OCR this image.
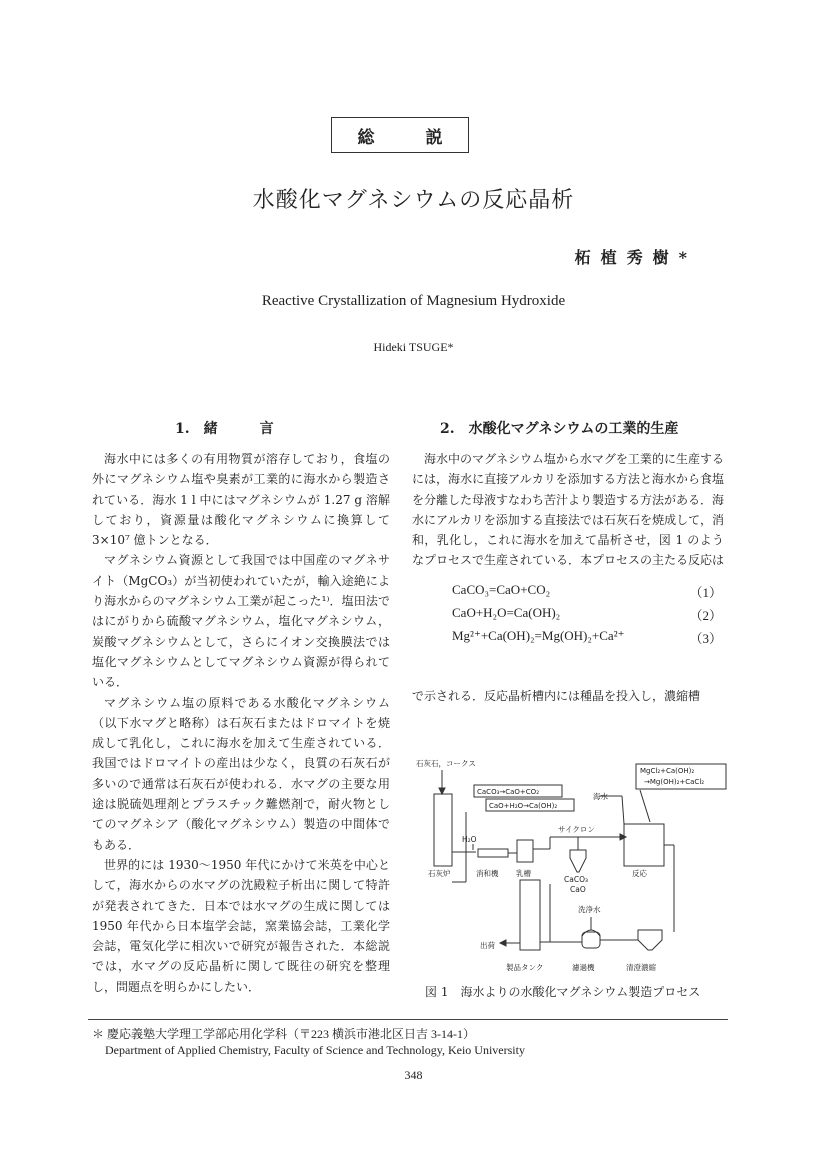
総	説
水酸化マグネシウムの反応晶析
柘植秀樹*
Reactive Crystallization of Magnesium Hydroxide
Hideki TSUGE*
1.　緒　　　言

海水中には多くの有用物質が溶存しており，食塩の外にマグネシウム塩や臭素が工業的に海水から製造されている．海水 1 l 中にはマグネシウムが 1.27 g 溶解しており，資源量は酸化マグネシウムに換算して 3×10⁷ 億トンとなる．

マグネシウム資源として我国では中国産のマグネサイト（MgCO₃）が当初使われていたが，輸入途絶により海水からのマグネシウム工業が起こった¹⁾．塩田法ではにがりから硫酸マグネシウム，塩化マグネシウム，炭酸マグネシウムとして，さらにイオン交換膜法では塩化マグネシウムとしてマグネシウム資源が得られている．

マグネシウム塩の原料である水酸化マグネシウム（以下水マグと略称）は石灰石またはドロマイトを焼成して乳化し，これに海水を加えて生産されている．我国ではドロマイトの産出は少なく，良質の石灰石が多いので通常は石灰石が使われる．水マグの主要な用途は脱硫処理剤とプラスチック難燃剤で，耐火物としてのマグネシア（酸化マグネシウム）製造の中間体でもある．

世界的には 1930～1950 年代にかけて米英を中心として，海水からの水マグの沈殿粒子析出に関して特許が発表されてきた．日本では水マグの生成に関しては 1950 年代から日本塩学会誌，窯業協会誌，工業化学会誌，電気化学に相次いで研究が報告された．本総説では，水マグの反応晶析に関して既往の研究を整理し，問題点を明らかにしたい．

2.　水酸化マグネシウムの工業的生産

海水中のマグネシウム塩から水マグを工業的に生産するには，海水に直接アルカリを添加する方法と海水から食塩を分離した母液すなわち苦汁より製造する方法がある．海水にアルカリを添加する直接法では石灰石を焼成して，消和，乳化し，これに海水を加えて晶析させ，図 1 のようなプロセスで生産されている．本プロセスの主たる反応は

CaCO₃=CaO+CO₂	（1）
CaO+H₂O=Ca(OH)₂	（2）
Mg²⁺+Ca(OH)₂=Mg(OH)₂+Ca²⁺	（3）

で示される．反応晶析槽内には種晶を投入し，濃縮槽

石灰石，コークス
MgCl₂+Ca(OH)₂
→Mg(OH)₂+CaCl₂
CaCO₃→CaO+CO₂
CaO+H₂O→Ca(OH)₂
海水
H₂O
サイクロン
石灰炉	消和機 乳槽
CaCO₃
CaO
反応
洗浄水
出荷
製品タンク	濾過機	清澄濃縮
図 1　海水よりの水酸化マグネシウム製造プロセス
＊ 慶応義塾大学理工学部応用化学科（〒223 横浜市港北区日吉 3-14-1）
Department of Applied Chemistry, Faculty of Science and Technology, Keio University
348
